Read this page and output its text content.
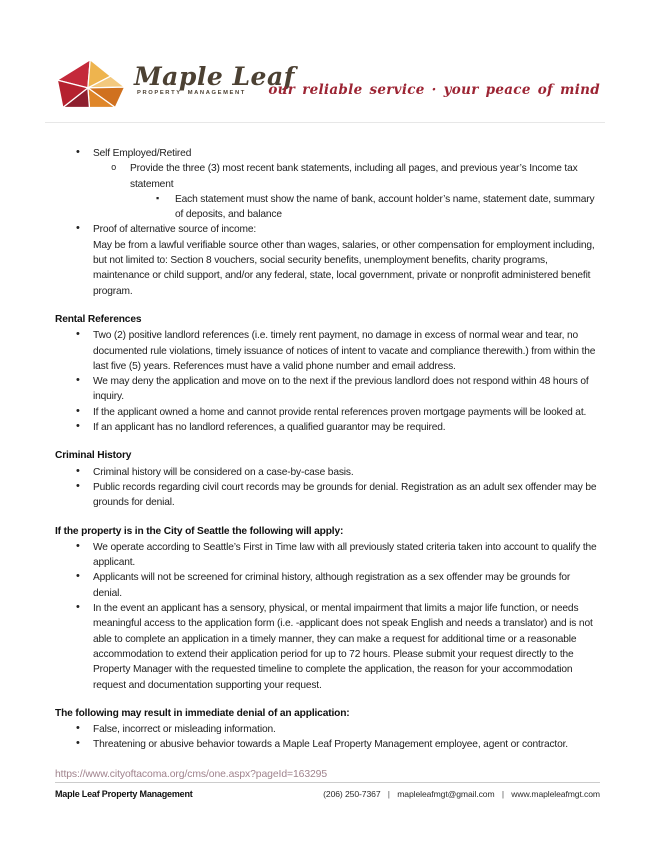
Maple Leaf
PROPERTY MANAGEMENT our reliable service · your peace of mind
• Self Employed/Retired
o Provide the three (3) most recent bank statements, including all pages, and previous year’s Income tax statement
▪ Each statement must show the name of bank, account holder’s name, statement date, summary of deposits, and balance
• Proof of alternative source of income:
May be from a lawful verifiable source other than wages, salaries, or other compensation for employment including, but not limited to: Section 8 vouchers, social security benefits, unemployment benefits, charity programs, maintenance or child support, and/or any federal, state, local government, private or nonprofit administered benefit program.
Rental References
• Two (2) positive landlord references (i.e. timely rent payment, no damage in excess of normal wear and tear, no documented rule violations, timely issuance of notices of intent to vacate and compliance therewith.) from within the last five (5) years. References must have a valid phone number and email address.
• We may deny the application and move on to the next if the previous landlord does not respond within 48 hours of inquiry.
• If the applicant owned a home and cannot provide rental references proven mortgage payments will be looked at.
• If an applicant has no landlord references, a qualified guarantor may be required.
Criminal History
• Criminal history will be considered on a case-by-case basis.
• Public records regarding civil court records may be grounds for denial. Registration as an adult sex offender may be grounds for denial.
If the property is in the City of Seattle the following will apply:
• We operate according to Seattle’s First in Time law with all previously stated criteria taken into account to qualify the applicant.
• Applicants will not be screened for criminal history, although registration as a sex offender may be grounds for denial.
• In the event an applicant has a sensory, physical, or mental impairment that limits a major life function, or needs meaningful access to the application form (i.e. -applicant does not speak English and needs a translator) and is not able to complete an application in a timely manner, they can make a request for additional time or a reasonable accommodation to extend their application period for up to 72 hours. Please submit your request directly to the Property Manager with the requested timeline to complete the application, the reason for your accommodation request and documentation supporting your request.
The following may result in immediate denial of an application:
• False, incorrect or misleading information.
• Threatening or abusive behavior towards a Maple Leaf Property Management employee, agent or contractor.
https://www.cityoftacoma.org/cms/one.aspx?pageId=163295
Maple Leaf Property Management	(206) 250-7367 | mapleleafmgt@gmail.com | www.mapleleafmgt.com
